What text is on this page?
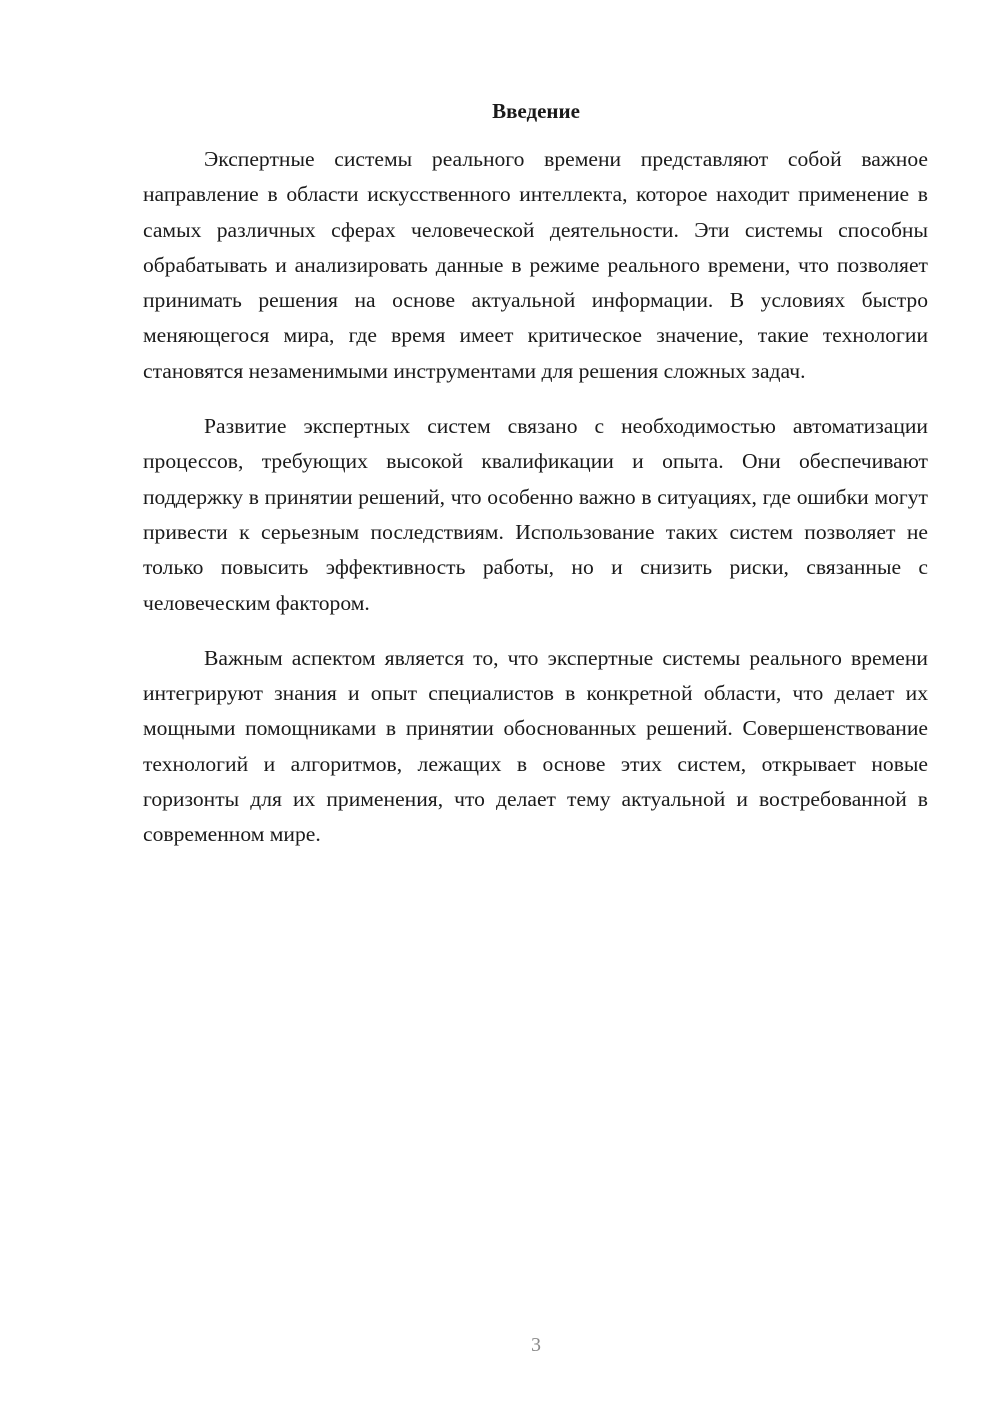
Введение

Экспертные системы реального времени представляют собой важное направление в области искусственного интеллекта, которое находит применение в самых различных сферах человеческой деятельности. Эти системы способны обрабатывать и анализировать данные в режиме реального времени, что позволяет принимать решения на основе актуальной информации. В условиях быстро меняющегося мира, где время имеет критическое значение, такие технологии становятся незаменимыми инструментами для решения сложных задач.

Развитие экспертных систем связано с необходимостью автоматизации процессов, требующих высокой квалификации и опыта. Они обеспечивают поддержку в принятии решений, что особенно важно в ситуациях, где ошибки могут привести к серьезным последствиям. Использование таких систем позволяет не только повысить эффективность работы, но и снизить риски, связанные с человеческим фактором.

Важным аспектом является то, что экспертные системы реального времени интегрируют знания и опыт специалистов в конкретной области, что делает их мощными помощниками в принятии обоснованных решений. Совершенствование технологий и алгоритмов, лежащих в основе этих систем, открывает новые горизонты для их применения, что делает тему актуальной и востребованной в современном мире.

3
